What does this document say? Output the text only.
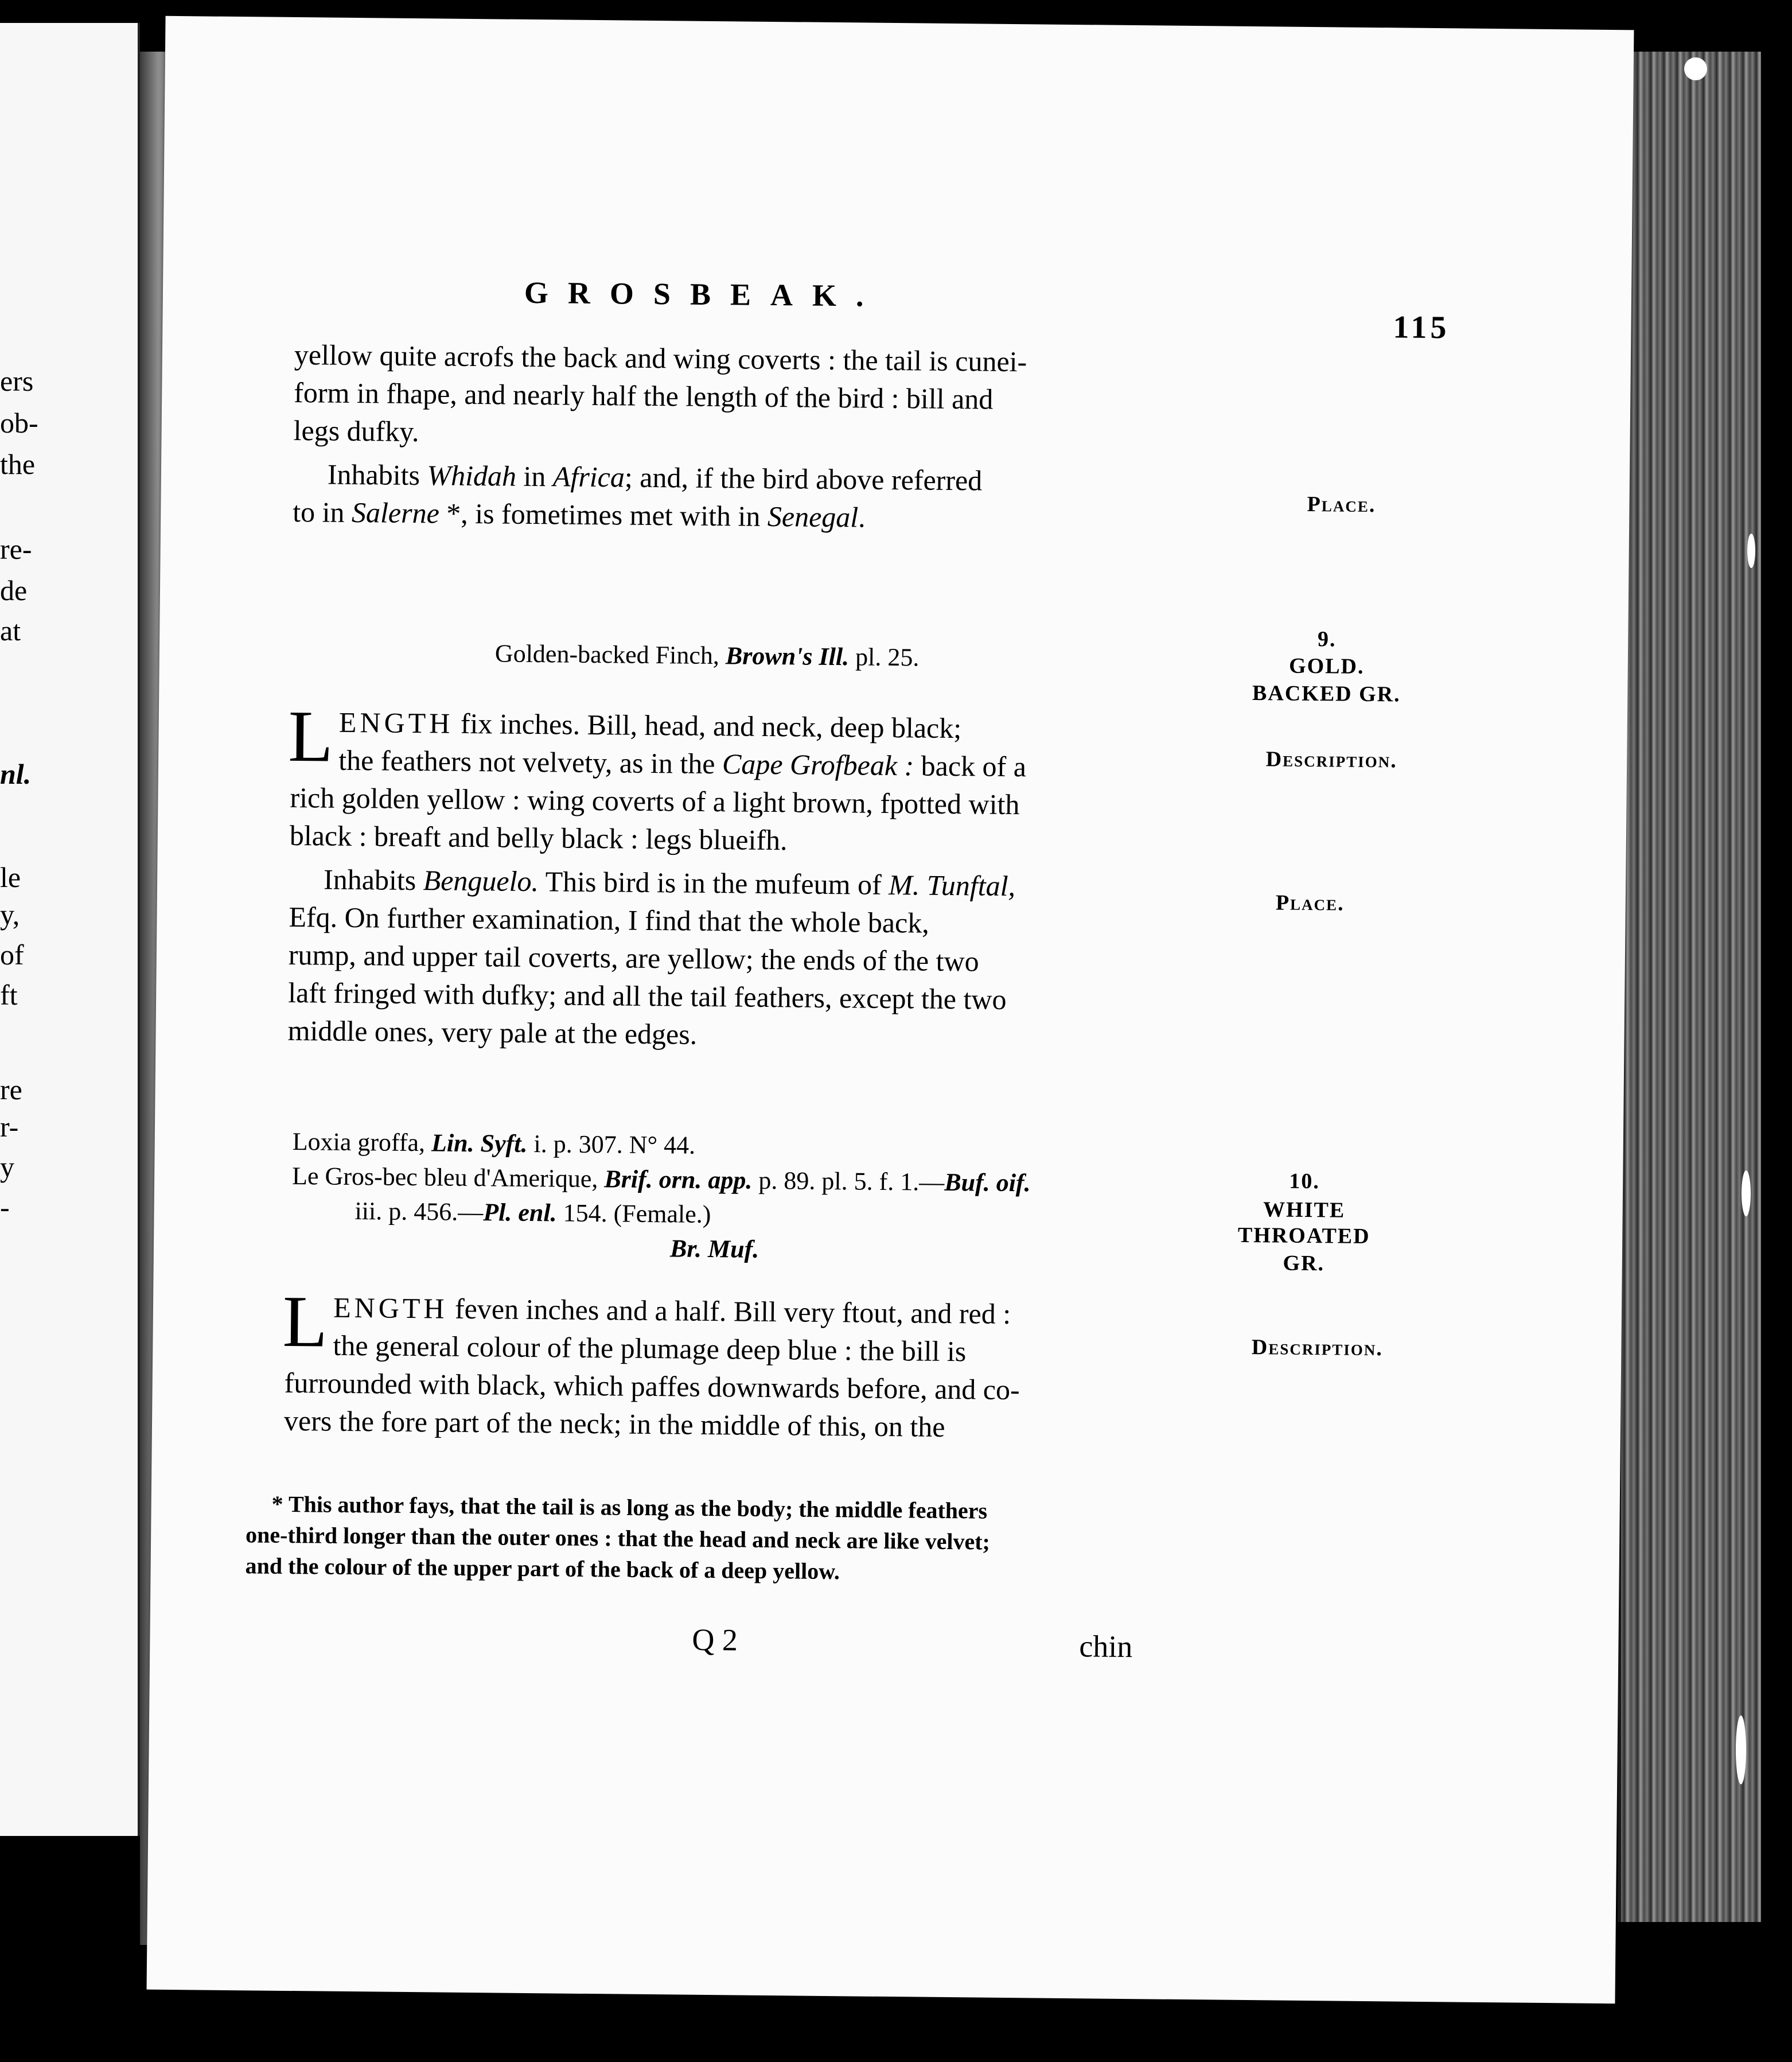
ers
ob-
the
re-
de
at
nl.
le
y,
of
ft
re
r-
y
-
GROSBEAK.
115

yellow quite acrofs the back and wing coverts : the tail is cunei-

form in fhape, and nearly half the length of the bird : bill and

legs dufky.

Inhabits Whidah in Africa; and, if the bird above referred

to in Salerne *, is fometimes met with in Senegal.

Golden-backed Finch, Brown's Ill. pl. 25.
L ENGTH fix inches. Bill, head, and neck, deep black;

the feathers not velvety, as in the Cape Grofbeak : back of a

rich golden yellow : wing coverts of a light brown, fpotted with

black : breaft and belly black : legs blueifh.

Inhabits Benguelo. This bird is in the mufeum of M. Tunftal,

Efq. On further examination, I find that the whole back,

rump, and upper tail coverts, are yellow; the ends of the two

laft fringed with dufky; and all the tail feathers, except the two

middle ones, very pale at the edges.

Loxia groffa, Lin. Syft. i. p. 307. N° 44.
Le Gros-bec bleu d'Amerique, Brif. orn. app. p. 89. pl. 5. f. 1.—Buf. oif.
iii. p. 456.—Pl. enl. 154. (Female.)
Br. Muf.
L ENGTH feven inches and a half. Bill very ftout, and red :

the general colour of the plumage deep blue : the bill is

furrounded with black, which paffes downwards before, and co-

vers the fore part of the neck; in the middle of this, on the

Place.
9.
GOLD.
BACKED GR.
Description.
Place.
10.
WHITE
THROATED
GR.
Description.

* This author fays, that the tail is as long as the body; the middle feathers

one-third longer than the outer ones : that the head and neck are like velvet;

and the colour of the upper part of the back of a deep yellow.

Q 2	chin
